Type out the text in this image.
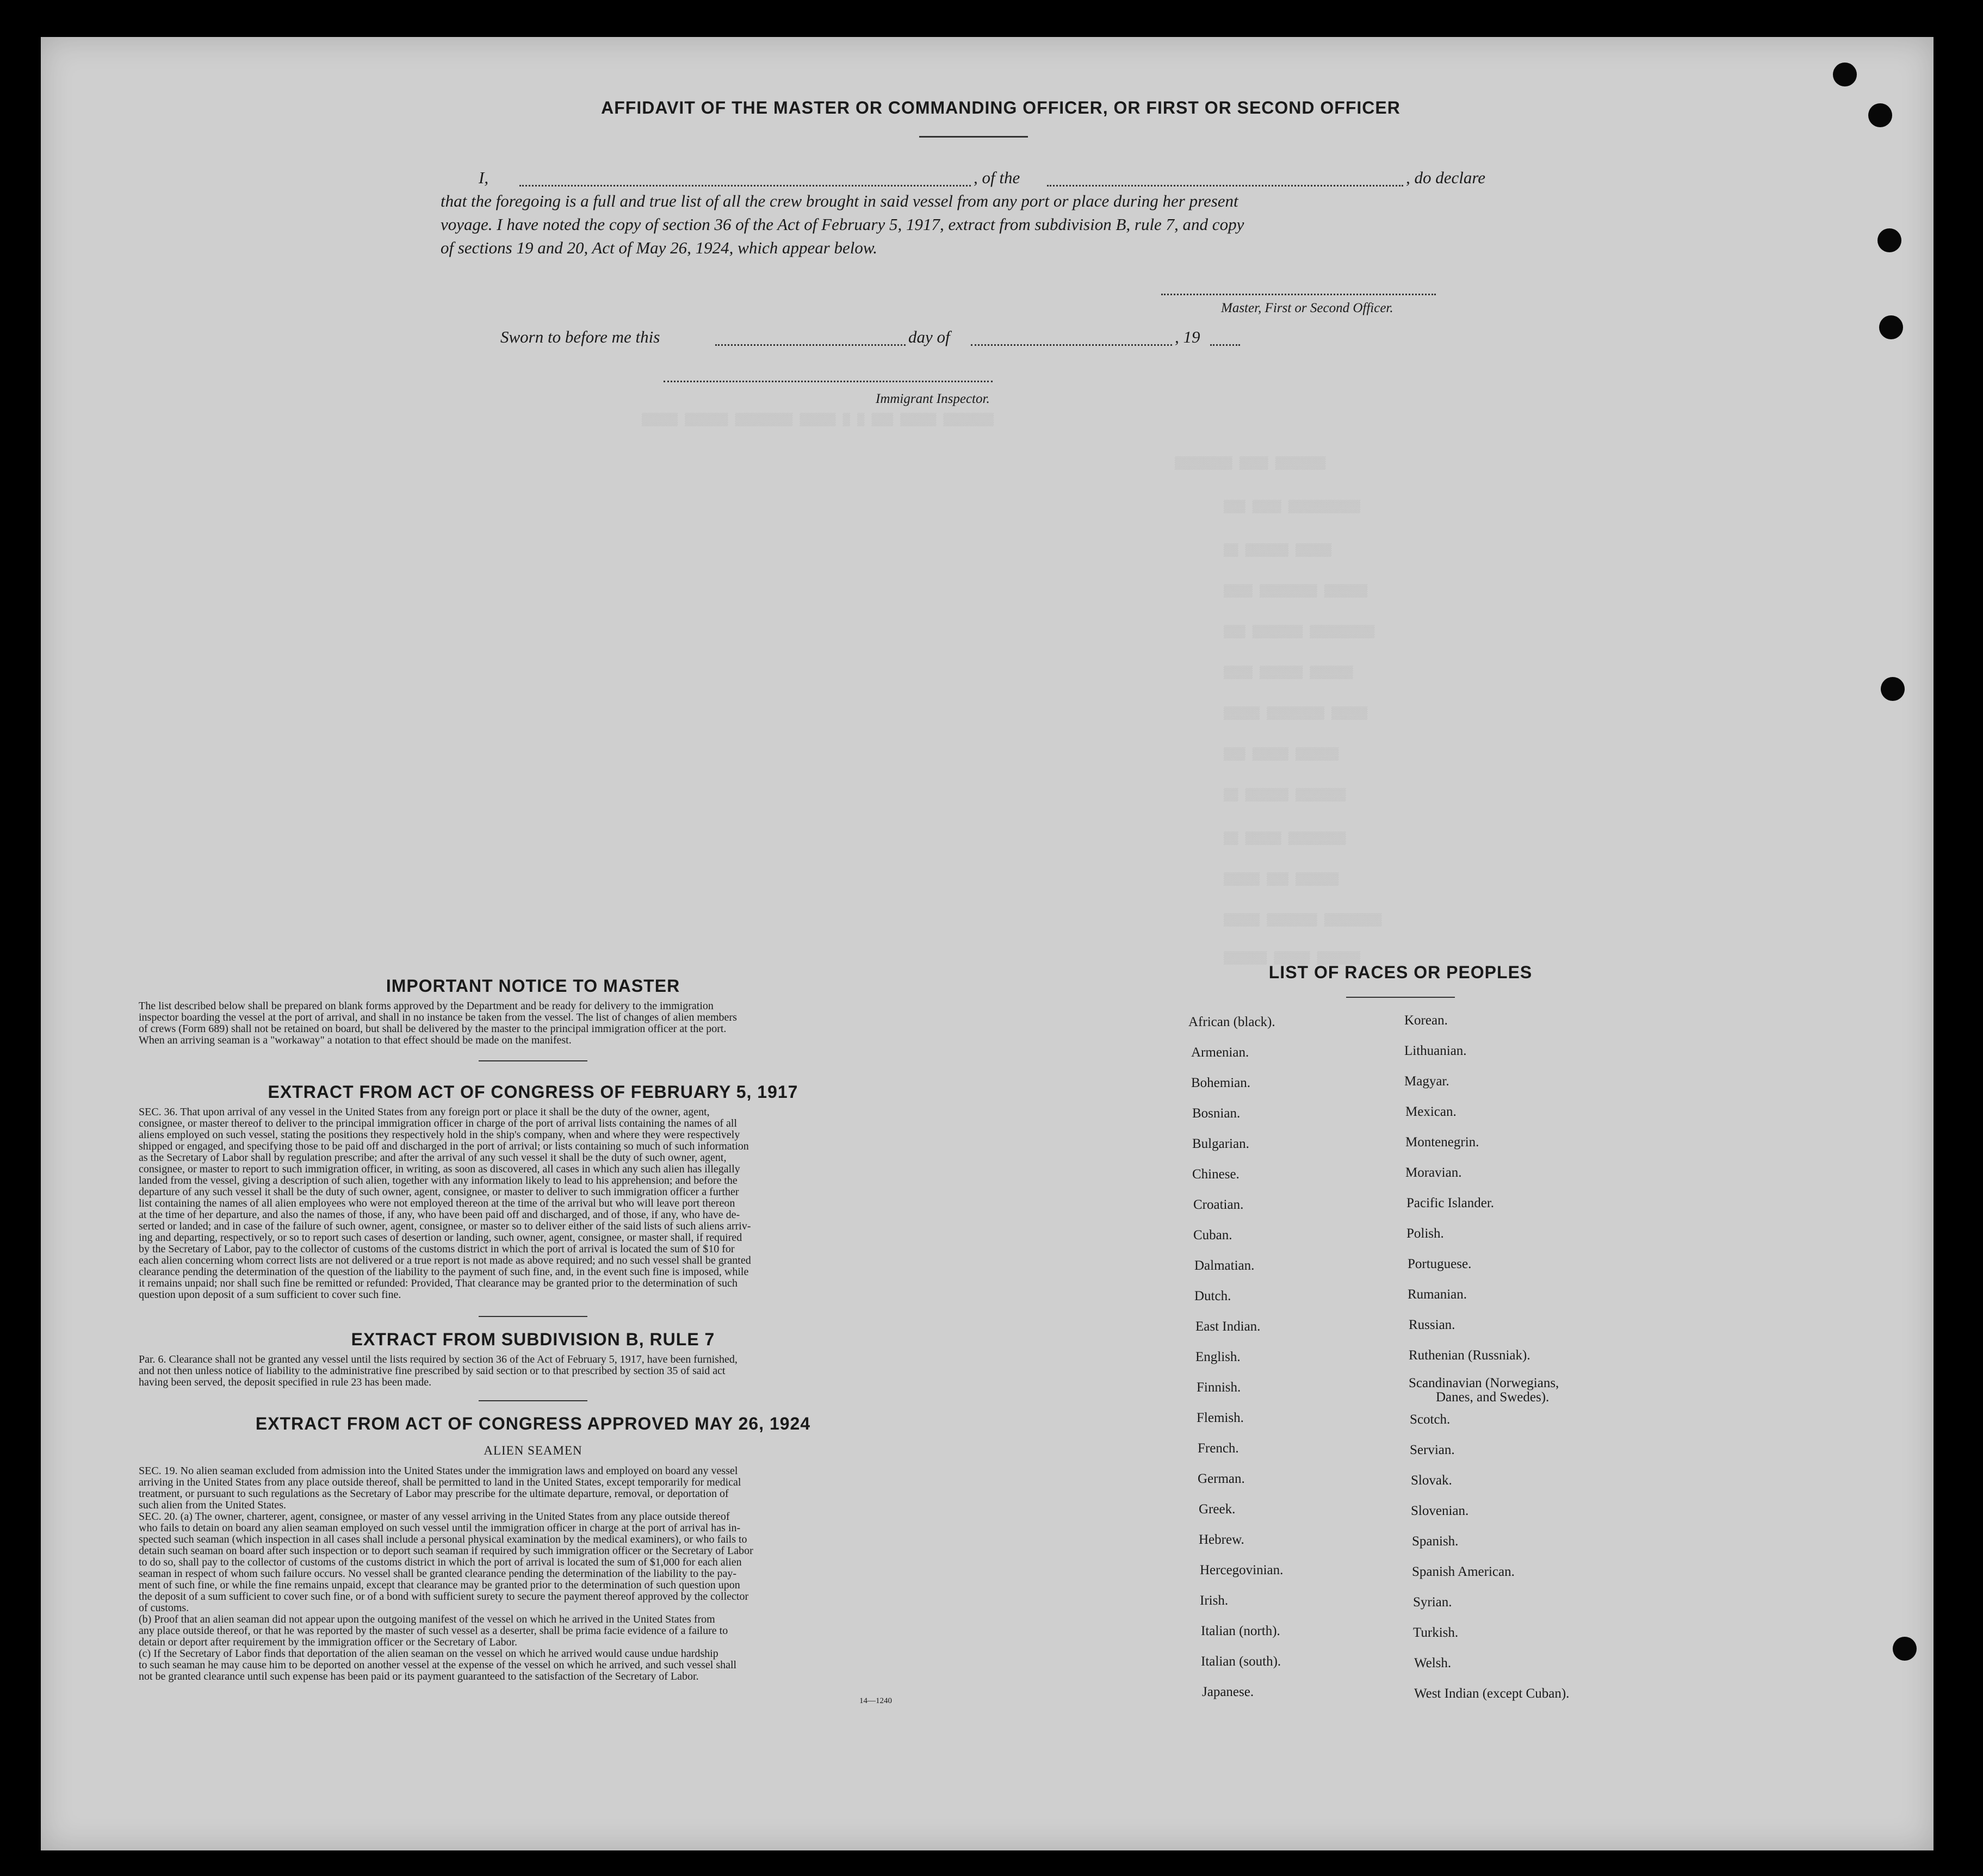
▒▒▒▒▒ ▒▒▒▒▒▒ ▒▒▒▒▒▒▒▒ ▒▒▒▒▒ ▒ ▒ ▒▒▒ ▒▒▒▒▒ ▒▒▒▒▒▒▒
▒▒▒▒▒▒▒▒ ▒▒▒▒ ▒▒▒▒▒▒▒
▒▒▒ ▒▒▒▒ ▒▒▒▒▒▒▒▒▒▒
▒▒ ▒▒▒▒▒▒ ▒▒▒▒▒
▒▒▒▒ ▒▒▒▒▒▒▒▒ ▒▒▒▒▒▒
▒▒▒ ▒▒▒▒▒▒▒ ▒▒▒▒▒▒▒▒▒
▒▒▒▒ ▒▒▒▒▒▒ ▒▒▒▒▒▒
▒▒▒▒▒ ▒▒▒▒▒▒▒▒ ▒▒▒▒▒
▒▒▒ ▒▒▒▒▒ ▒▒▒▒▒▒
▒▒ ▒▒▒▒▒▒ ▒▒▒▒▒▒▒
▒▒ ▒▒▒▒▒ ▒▒▒▒▒▒▒▒
▒▒▒▒▒ ▒▒▒ ▒▒▒▒▒▒
▒▒▒▒▒ ▒▒▒▒▒▒▒ ▒▒▒▒▒▒▒▒
▒▒▒▒▒▒ ▒▒▒▒▒ ▒▒▒▒▒▒
AFFIDAVIT OF THE MASTER OR COMMANDING OFFICER, OR FIRST OR SECOND OFFICER
I,	, of the	, do declare
that the foregoing is a full and true list of all the crew brought in said vessel from any port or place during her present
voyage. I have noted the copy of section 36 of the Act of February 5, 1917, extract from subdivision B, rule 7, and copy
of sections 19 and 20, Act of May 26, 1924, which appear below.
Master, First or Second Officer.
Sworn to before me this	day of	, 19
Immigrant Inspector.
IMPORTANT NOTICE TO MASTER
The list described below shall be prepared on blank forms approved by the Department and be ready for delivery to the immigration
inspector boarding the vessel at the port of arrival, and shall in no instance be taken from the vessel. The list of changes of alien members
of crews (Form 689) shall not be retained on board, but shall be delivered by the master to the principal immigration officer at the port.
When an arriving seaman is a "workaway" a notation to that effect should be made on the manifest.
EXTRACT FROM ACT OF CONGRESS OF FEBRUARY 5, 1917
SEC. 36. That upon arrival of any vessel in the United States from any foreign port or place it shall be the duty of the owner, agent,
consignee, or master thereof to deliver to the principal immigration officer in charge of the port of arrival lists containing the names of all
aliens employed on such vessel, stating the positions they respectively hold in the ship's company, when and where they were respectively
shipped or engaged, and specifying those to be paid off and discharged in the port of arrival; or lists containing so much of such information
as the Secretary of Labor shall by regulation prescribe; and after the arrival of any such vessel it shall be the duty of such owner, agent,
consignee, or master to report to such immigration officer, in writing, as soon as discovered, all cases in which any such alien has illegally
landed from the vessel, giving a description of such alien, together with any information likely to lead to his apprehension; and before the
departure of any such vessel it shall be the duty of such owner, agent, consignee, or master to deliver to such immigration officer a further
list containing the names of all alien employees who were not employed thereon at the time of the arrival but who will leave port thereon
at the time of her departure, and also the names of those, if any, who have been paid off and discharged, and of those, if any, who have de-
serted or landed; and in case of the failure of such owner, agent, consignee, or master so to deliver either of the said lists of such aliens arriv-
ing and departing, respectively, or so to report such cases of desertion or landing, such owner, agent, consignee, or master shall, if required
by the Secretary of Labor, pay to the collector of customs of the customs district in which the port of arrival is located the sum of $10 for
each alien concerning whom correct lists are not delivered or a true report is not made as above required; and no such vessel shall be granted
clearance pending the determination of the question of the liability to the payment of such fine, and, in the event such fine is imposed, while
it remains unpaid; nor shall such fine be remitted or refunded: Provided, That clearance may be granted prior to the determination of such
question upon deposit of a sum sufficient to cover such fine.
EXTRACT FROM SUBDIVISION B, RULE 7
Par. 6. Clearance shall not be granted any vessel until the lists required by section 36 of the Act of February 5, 1917, have been furnished,
and not then unless notice of liability to the administrative fine prescribed by said section or to that prescribed by section 35 of said act
having been served, the deposit specified in rule 23 has been made.
EXTRACT FROM ACT OF CONGRESS APPROVED MAY 26, 1924
ALIEN SEAMEN
SEC. 19. No alien seaman excluded from admission into the United States under the immigration laws and employed on board any vessel
arriving in the United States from any place outside thereof, shall be permitted to land in the United States, except temporarily for medical
treatment, or pursuant to such regulations as the Secretary of Labor may prescribe for the ultimate departure, removal, or deportation of
such alien from the United States.
SEC. 20. (a) The owner, charterer, agent, consignee, or master of any vessel arriving in the United States from any place outside thereof
who fails to detain on board any alien seaman employed on such vessel until the immigration officer in charge at the port of arrival has in-
spected such seaman (which inspection in all cases shall include a personal physical examination by the medical examiners), or who fails to
detain such seaman on board after such inspection or to deport such seaman if required by such immigration officer or the Secretary of Labor
to do so, shall pay to the collector of customs of the customs district in which the port of arrival is located the sum of $1,000 for each alien
seaman in respect of whom such failure occurs. No vessel shall be granted clearance pending the determination of the liability to the pay-
ment of such fine, or while the fine remains unpaid, except that clearance may be granted prior to the determination of such question upon
the deposit of a sum sufficient to cover such fine, or of a bond with sufficient surety to secure the payment thereof approved by the collector
of customs.
(b) Proof that an alien seaman did not appear upon the outgoing manifest of the vessel on which he arrived in the United States from
any place outside thereof, or that he was reported by the master of such vessel as a deserter, shall be prima facie evidence of a failure to
detain or deport after requirement by the immigration officer or the Secretary of Labor.
(c) If the Secretary of Labor finds that deportation of the alien seaman on the vessel on which he arrived would cause undue hardship
to such seaman he may cause him to be deported on another vessel at the expense of the vessel on which he arrived, and such vessel shall
not be granted clearance until such expense has been paid or its payment guaranteed to the satisfaction of the Secretary of Labor.
14—1240
LIST OF RACES OR PEOPLES
African (black).
Armenian.
Bohemian.
Bosnian.
Bulgarian.
Chinese.
Croatian.
Cuban.
Dalmatian.
Dutch.
East Indian.
English.
Finnish.
Flemish.
French.
German.
Greek.
Hebrew.
Hercegovinian.
Irish.
Italian (north).
Italian (south).
Japanese.
Korean.
Lithuanian.
Magyar.
Mexican.
Montenegrin.
Moravian.
Pacific Islander.
Polish.
Portuguese.
Rumanian.
Russian.
Ruthenian (Russniak).
Scandinavian (Norwegians,
Danes, and Swedes).
Scotch.
Servian.
Slovak.
Slovenian.
Spanish.
Spanish American.
Syrian.
Turkish.
Welsh.
West Indian (except Cuban).
